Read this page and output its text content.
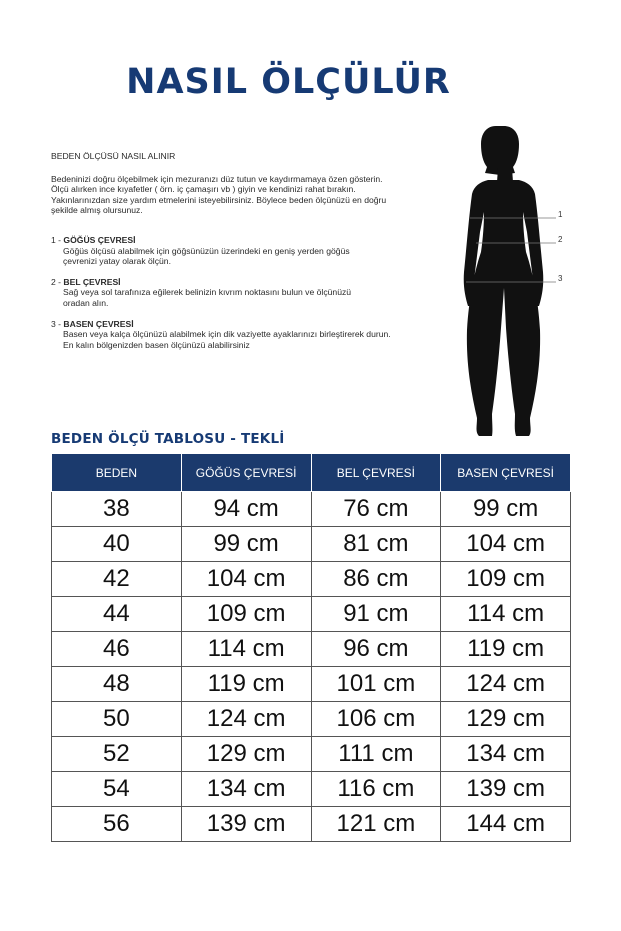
NASIL ÖLÇÜLÜR
BEDEN ÖLÇÜSÜ NASIL ALINIR
Bedeninizi doğru ölçebilmek için mezuranızı düz tutun ve kaydırmamaya özen gösterin.
Ölçü alırken ince kıyafetler ( örn. iç çamaşırı vb ) giyin ve kendinizi rahat bırakın.
Yakınlarınızdan size yardım etmelerini isteyebilirsiniz. Böylece beden ölçünüzü en doğru
şekilde almış olursunuz.
1 - GÖĞÜS ÇEVRESİ
Göğüs ölçüsü alabilmek için göğsünüzün üzerindeki en geniş yerden göğüs
çevrenizi yatay olarak ölçün.
2 - BEL ÇEVRESİ
Sağ veya sol tarafınıza eğilerek belinizin kıvrım noktasını bulun ve ölçünüzü
oradan alın.
3 - BASEN ÇEVRESİ
Basen veya kalça ölçünüzü alabilmek için dik vaziyette ayaklarınızı birleştirerek durun.
En kalın bölgenizden basen ölçünüzü alabilirsiniz
1
2
3
BEDEN ÖLÇÜ TABLOSU - TEKLİ
BEDEN	GÖĞÜS ÇEVRESİ	BEL ÇEVRESİ	BASEN ÇEVRESİ
38	94 cm	76 cm	99 cm
40	99 cm	81 cm	104 cm
42	104 cm	86 cm	109 cm
44	109 cm	91 cm	114 cm
46	114 cm	96 cm	119 cm
48	119 cm	101 cm	124 cm
50	124 cm	106 cm	129 cm
52	129 cm	111 cm	134 cm
54	134 cm	116 cm	139 cm
56	139 cm	121 cm	144 cm
